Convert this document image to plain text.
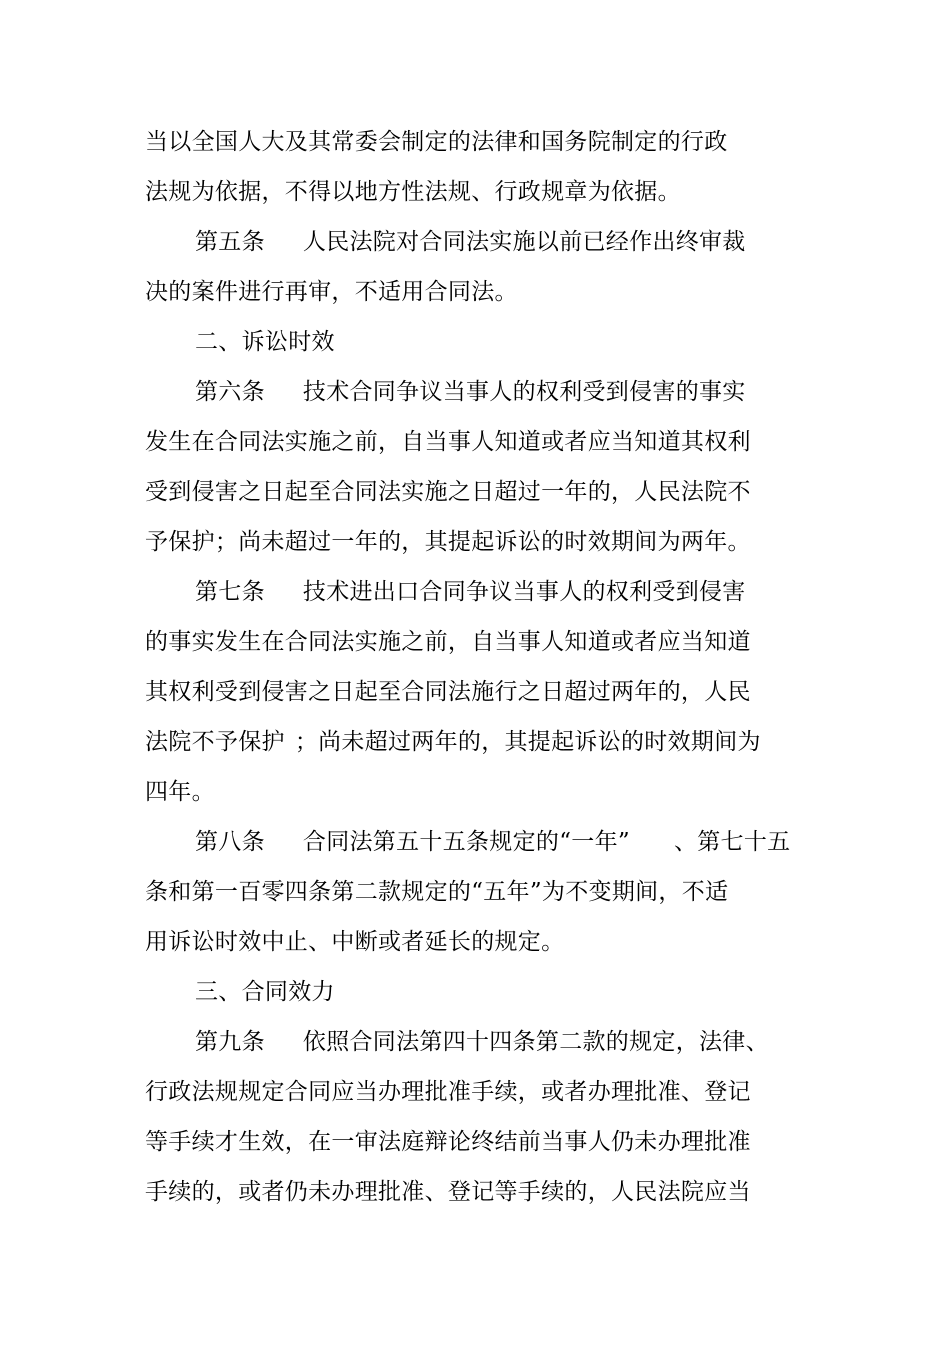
当以全国人大及其常委会制定的法律和国务院制定的行政
法规为依据，不得以地方性法规、行政规章为依据。
第五条 人民法院对合同法实施以前已经作出终审裁
决的案件进行再审，不适用合同法。
二、诉讼时效
第六条 技术合同争议当事人的权利受到侵害的事实
发生在合同法实施之前，自当事人知道或者应当知道其权利
受到侵害之日起至合同法实施之日超过一年的，人民法院不
予保护；尚未超过一年的，其提起诉讼的时效期间为两年。
第七条 技术进出口合同争议当事人的权利受到侵害
的事实发生在合同法实施之前，自当事人知道或者应当知道
其权利受到侵害之日起至合同法施行之日超过两年的，人民
法院不予保护 ；尚未超过两年的，其提起诉讼的时效期间为
四年。
第八条 合同法第五十五条规定的“一年” 、第七十五
条和第一百零四条第二款规定的“五年”为不变期间，不适
用诉讼时效中止、中断或者延长的规定。
三、合同效力
第九条 依照合同法第四十四条第二款的规定，法律、
行政法规规定合同应当办理批准手续，或者办理批准、登记
等手续才生效，在一审法庭辩论终结前当事人仍未办理批准
手续的，或者仍未办理批准、登记等手续的，人民法院应当
